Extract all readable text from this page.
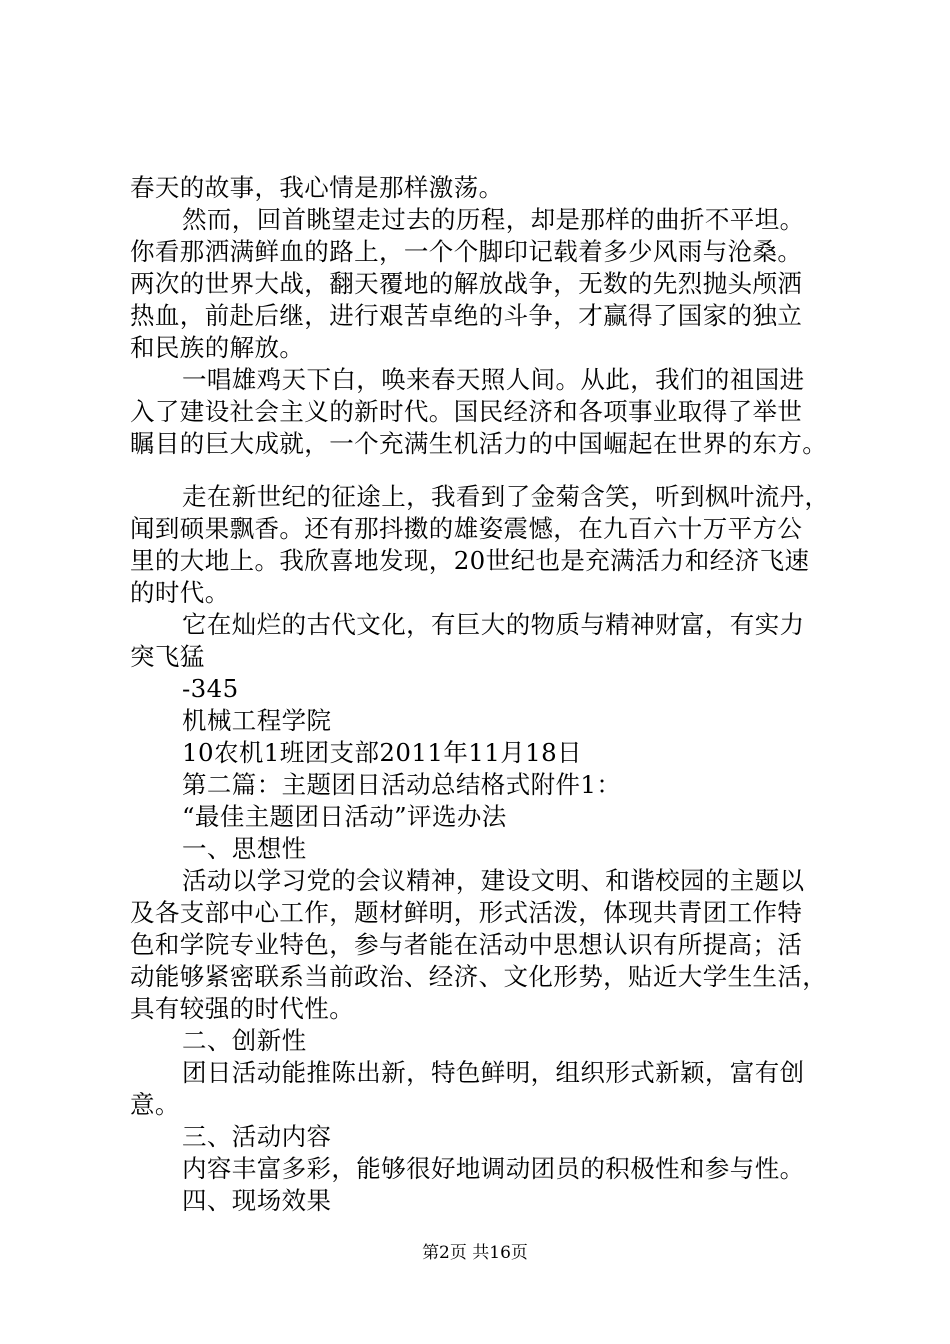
春天的故事，我心情是那样激荡。
然而，回首眺望走过去的历程，却是那样的曲折不平坦。
你看那洒满鲜血的路上，一个个脚印记载着多少风雨与沧桑。
两次的世界大战，翻天覆地的解放战争，无数的先烈抛头颅洒
热血，前赴后继，进行艰苦卓绝的斗争，才赢得了国家的独立
和民族的解放。
一唱雄鸡天下白，唤来春天照人间。从此，我们的祖国进
入了建设社会主义的新时代。国民经济和各项事业取得了举世
瞩目的巨大成就，一个充满生机活力的中国崛起在世界的东方。
走在新世纪的征途上，我看到了金菊含笑，听到枫叶流丹，
闻到硕果飘香。还有那抖擞的雄姿震憾，在九百六十万平方公
里的大地上。我欣喜地发现，20世纪也是充满活力和经济飞速
的时代。
它在灿烂的古代文化，有巨大的物质与精神财富，有实力
突飞猛
-345
机械工程学院
10农机1班团支部2011年11月18日
第二篇：主题团日活动总结格式附件1：
“最佳主题团日活动”评选办法
一、思想性
活动以学习党的会议精神，建设文明、和谐校园的主题以
及各支部中心工作，题材鲜明，形式活泼，体现共青团工作特
色和学院专业特色，参与者能在活动中思想认识有所提高；活
动能够紧密联系当前政治、经济、文化形势，贴近大学生生活，
具有较强的时代性。
二、创新性
团日活动能推陈出新，特色鲜明，组织形式新颖，富有创
意。
三、活动内容
内容丰富多彩，能够很好地调动团员的积极性和参与性。
四、现场效果
第2页 共16页
